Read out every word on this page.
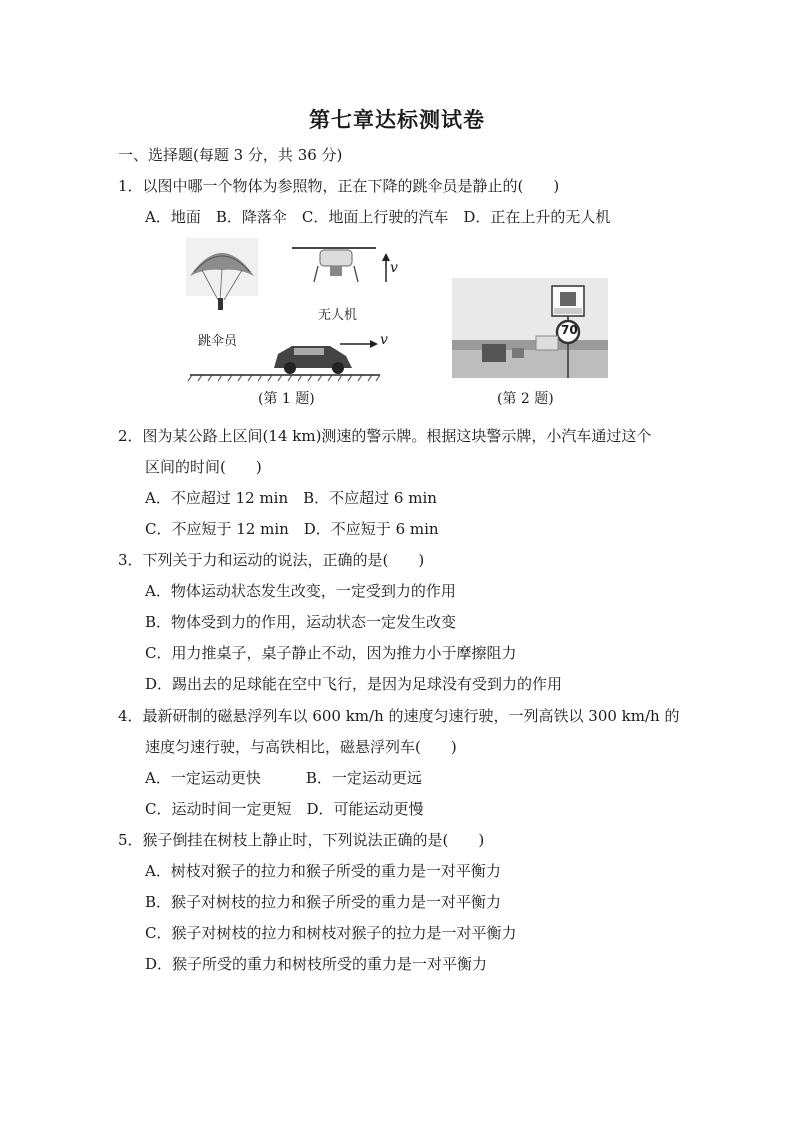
第七章达标测试卷
一、选择题(每题 3 分，共 36 分)
1．以图中哪一个物体为参照物，正在下降的跳伞员是静止的(　　)
A．地面　B．降落伞　C．地面上行驶的汽车　D．正在上升的无人机
跳伞员
无人机
v
v
(第 1 题)
70
(第 2 题)
2．图为某公路上区间(14 km)测速的警示牌。根据这块警示牌，小汽车通过这个
区间的时间(　　)
A．不应超过 12 min　B．不应超过 6 min
C．不应短于 12 min　D．不应短于 6 min
3．下列关于力和运动的说法，正确的是(　　)
A．物体运动状态发生改变，一定受到力的作用
B．物体受到力的作用，运动状态一定发生改变
C．用力推桌子，桌子静止不动，因为推力小于摩擦阻力
D．踢出去的足球能在空中飞行，是因为足球没有受到力的作用
4．最新研制的磁悬浮列车以 600 km/h 的速度匀速行驶，一列高铁以 300 km/h 的
速度匀速行驶，与高铁相比，磁悬浮列车(　　)
A．一定运动更快　　　B．一定运动更远
C．运动时间一定更短　D．可能运动更慢
5．猴子倒挂在树枝上静止时，下列说法正确的是(　　)
A．树枝对猴子的拉力和猴子所受的重力是一对平衡力
B．猴子对树枝的拉力和猴子所受的重力是一对平衡力
C．猴子对树枝的拉力和树枝对猴子的拉力是一对平衡力
D．猴子所受的重力和树枝所受的重力是一对平衡力
